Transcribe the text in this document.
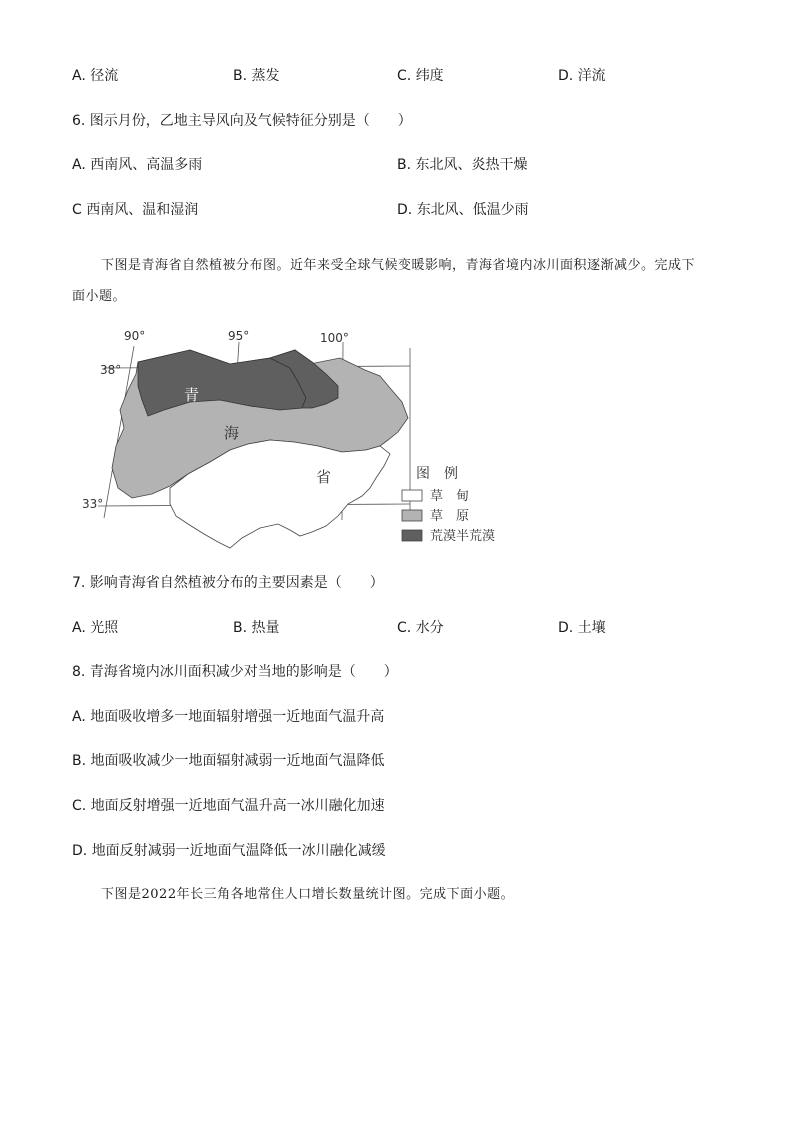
A. 径流	B. 蒸发	C. 纬度	D. 洋流
6. 图示月份，乙地主导风向及气候特征分别是（　　）
A. 西南风、高温多雨	B. 东北风、炎热干燥
C 西南风、温和湿润	D. 东北风、低温少雨
下图是青海省自然植被分布图。近年来受全球气候变暖影响，青海省境内冰川面积逐渐减少。完成下
面小题。
90°	95°	100°
38°
33°
青
海
省	图　例
草　甸
草　原
荒漠半荒漠
7. 影响青海省自然植被分布的主要因素是（　　）
A. 光照	B. 热量	C. 水分	D. 土壤
8. 青海省境内冰川面积减少对当地的影响是（　　）
A. 地面吸收增多一地面辐射增强一近地面气温升高
B. 地面吸收减少一地面辐射减弱一近地面气温降低
C. 地面反射增强一近地面气温升高一冰川融化加速
D. 地面反射减弱一近地面气温降低一冰川融化减缓
下图是2022年长三角各地常住人口增长数量统计图。完成下面小题。
